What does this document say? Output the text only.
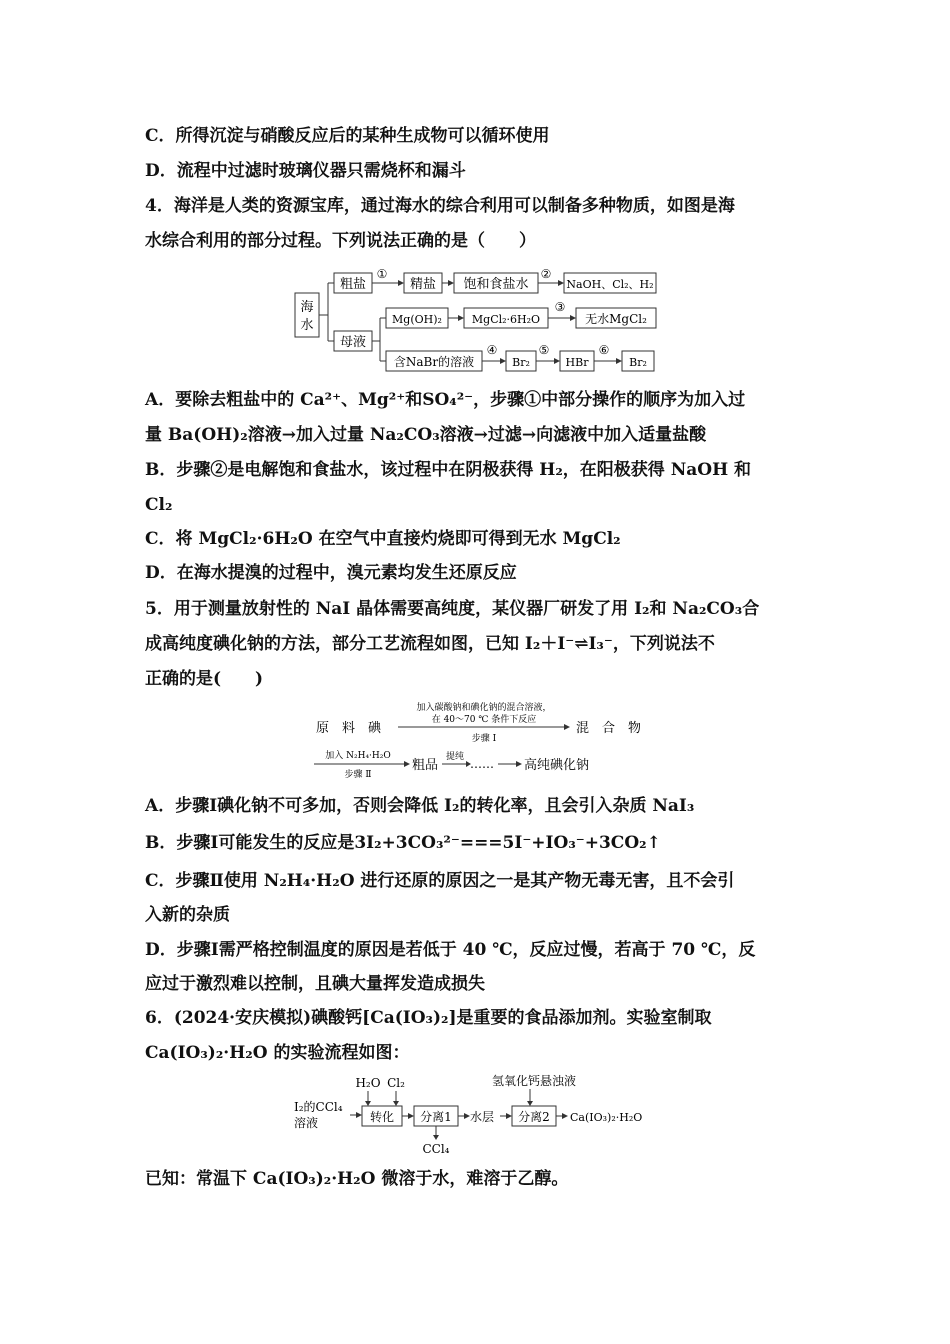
C．所得沉淀与硝酸反应后的某种生成物可以循环使用
D．流程中过滤时玻璃仪器只需烧杯和漏斗
4．海洋是人类的资源宝库，通过海水的综合利用可以制备多种物质，如图是海
水综合利用的部分过程。下列说法正确的是（　　）
海
水
粗盐
①
精盐 饱和食盐水
②
NaOH、Cl₂、H₂
母液
Mg(OH)₂	MgCl₂·6H₂O
③
无水MgCl₂
含NaBr的溶液
④
Br₂
⑤
HBr
⑥
Br₂
A．要除去粗盐中的 Ca²⁺、Mg²⁺和SO₄²⁻，步骤①中部分操作的顺序为加入过
量 Ba(OH)₂溶液→加入过量 Na₂CO₃溶液→过滤→向滤液中加入适量盐酸
B．步骤②是电解饱和食盐水，该过程中在阴极获得 H₂，在阳极获得 NaOH 和
Cl₂
C．将 MgCl₂·6H₂O 在空气中直接灼烧即可得到无水 MgCl₂
D．在海水提溴的过程中，溴元素均发生还原反应
5．用于测量放射性的 NaI 晶体需要高纯度，某仪器厂研发了用 I₂和 Na₂CO₃合
成高纯度碘化钠的方法，部分工艺流程如图，已知 I₂＋I⁻⇌I₃⁻，下列说法不
正确的是(　　)
原　料　碘
加入碳酸钠和碘化钠的混合溶液，
在 40～70 ℃ 条件下反应
步骤 Ⅰ
混　合　物
加入 N₂H₄·H₂O
步骤 Ⅱ
粗品
提纯 …… 高纯碘化钠
A．步骤Ⅰ碘化钠不可多加，否则会降低 I₂的转化率，且会引入杂质 NaI₃
B．步骤Ⅰ可能发生的反应是3I₂+3CO₃²⁻===5I⁻+IO₃⁻+3CO₂↑
C．步骤Ⅱ使用 N₂H₄·H₂O 进行还原的原因之一是其产物无毒无害，且不会引
入新的杂质
D．步骤Ⅰ需严格控制温度的原因是若低于 40 ℃，反应过慢，若高于 70 ℃，反
应过于激烈难以控制，且碘大量挥发造成损失
6．(2024·安庆模拟)碘酸钙[Ca(IO₃)₂]是重要的食品添加剂。实验室制取
Ca(IO₃)₂·H₂O 的实验流程如图：
I₂的CCl₄
溶液
H₂O Cl₂
转化 分离1
CCl₄
水层
氢氧化钙悬浊液
分离2 Ca(IO₃)₂·H₂O
已知：常温下 Ca(IO₃)₂·H₂O 微溶于水，难溶于乙醇。
